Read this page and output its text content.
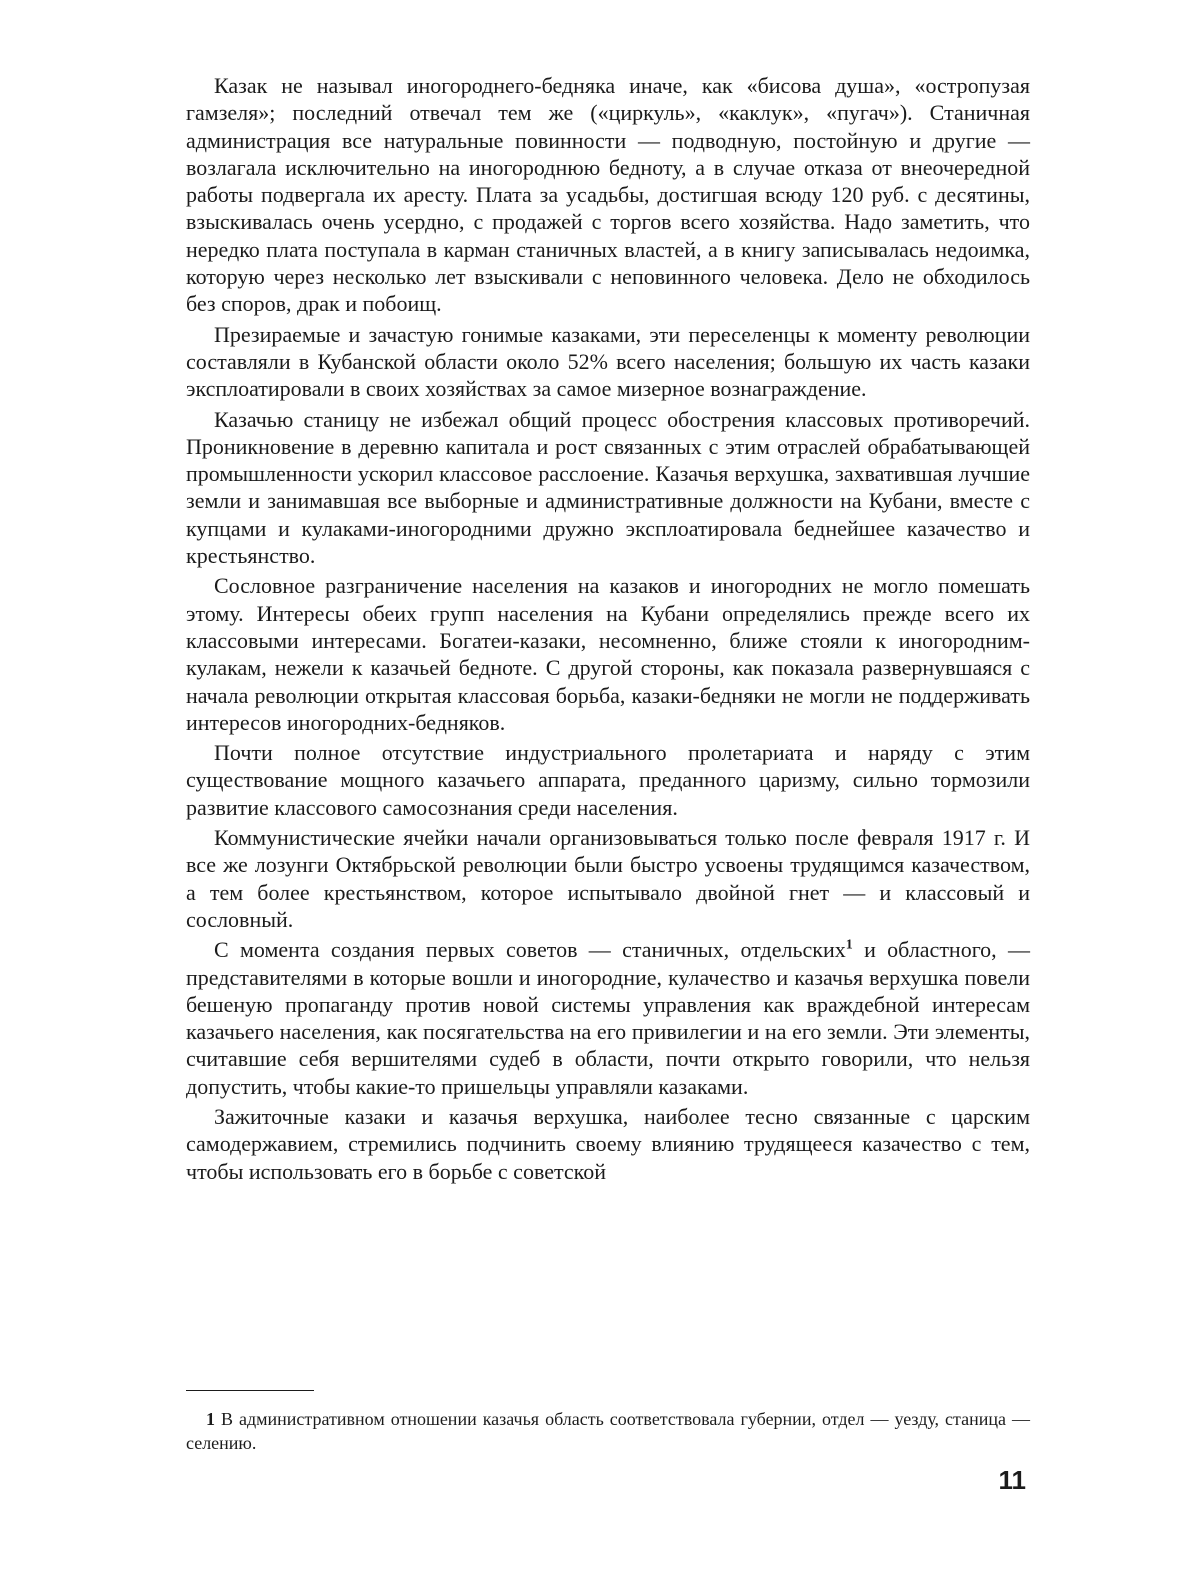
Казак не называл иногороднего-бедняка иначе, как «бисова душа», «остропузая гамзеля»; последний отвечал тем же («циркуль», «каклук», «пугач»). Станичная администрация все натуральные повинности — подводную, постойную и другие — возлагала исключительно на иногороднюю бедноту, а в случае отказа от внеочередной работы подвергала их аресту. Плата за усадьбы, достигшая всюду 120 руб. с десятины, взыскивалась очень усердно, с продажей с торгов всего хозяйства. Надо заметить, что нередко плата поступала в карман станичных властей, а в книгу записывалась недоимка, которую через несколько лет взыскивали с неповинного человека. Дело не обходилось без споров, драк и побоищ.

Презираемые и зачастую гонимые казаками, эти переселенцы к моменту революции составляли в Кубанской области около 52% всего населения; большую их часть казаки эксплоатировали в своих хозяйствах за самое мизерное вознаграждение.

Казачью станицу не избежал общий процесс обострения классовых противоречий. Проникновение в деревню капитала и рост связанных с этим отраслей обрабатывающей промышленности ускорил классовое расслоение. Казачья верхушка, захватившая лучшие земли и занимавшая все выборные и административные должности на Кубани, вместе с купцами и кулаками-иногородними дружно эксплоатировала беднейшее казачество и крестьянство.

Сословное разграничение населения на казаков и иногородних не могло помешать этому. Интересы обеих групп населения на Кубани определялись прежде всего их классовыми интересами. Богатеи-казаки, несомненно, ближе стояли к иногородним-кулакам, нежели к казачьей бедноте. С другой стороны, как показала развернувшаяся с начала революции открытая классовая борьба, казаки-бедняки не могли не поддерживать интересов иногородних-бедняков.

Почти полное отсутствие индустриального пролетариата и наряду с этим существование мощного казачьего аппарата, преданного царизму, сильно тормозили развитие классового самосознания среди населения.

Коммунистические ячейки начали организовываться только после февраля 1917 г. И все же лозунги Октябрьской революции были быстро усвоены трудящимся казачеством, а тем более крестьянством, которое испытывало двойной гнет — и классовый и сословный.

С момента создания первых советов — станичных, отдельских$^1$ и областного, — представителями в которые вошли и иногородние, кулачество и казачья верхушка повели бешеную пропаганду против новой системы управления как враждебной интересам казачьего населения, как посягательства на его привилегии и на его земли. Эти элементы, считавшие себя вершителями судеб в области, почти открыто говорили, что нельзя допустить, чтобы какие-то пришельцы управляли казаками.

Зажиточные казаки и казачья верхушка, наиболее тесно связанные с царским самодержавием, стремились подчинить своему влиянию трудящееся казачество с тем, чтобы использовать его в борьбе с советской

1 В административном отношении казачья область соответствовала губернии, отдел — уезду, станица — селению.

11
